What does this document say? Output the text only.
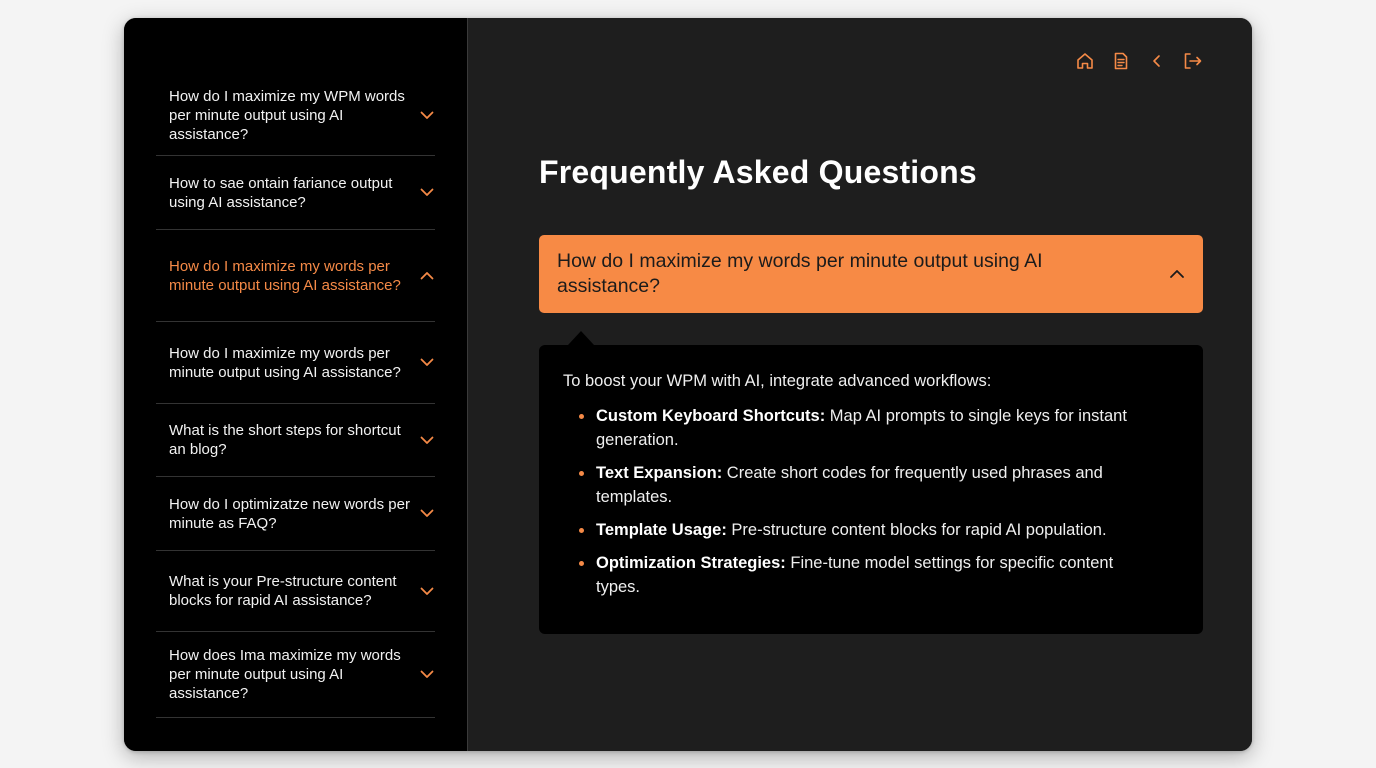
How do I maximize my WPM words per minute output using AI assistance?
How to sae ontain fariance output using AI assistance?
How do I maximize my words per minute output using AI assistance?
How do I maximize my words per minute output using AI assistance?
What is the short steps for shortcut an blog?
How do I optimizatze new words per minute as FAQ?
What is your Pre-structure content blocks for rapid AI assistance?
How does Ima maximize my words per minute output using AI assistance?
Frequently Asked Questions
How do I maximize my words per minute output using AI assistance?

To boost your WPM with AI, integrate advanced workflows:

Custom Keyboard Shortcuts: Map AI prompts to single keys for instant generation.
Text Expansion: Create short codes for frequently used phrases and templates.
Template Usage: Pre-structure content blocks for rapid AI population.
Optimization Strategies: Fine-tune model settings for specific content types.
